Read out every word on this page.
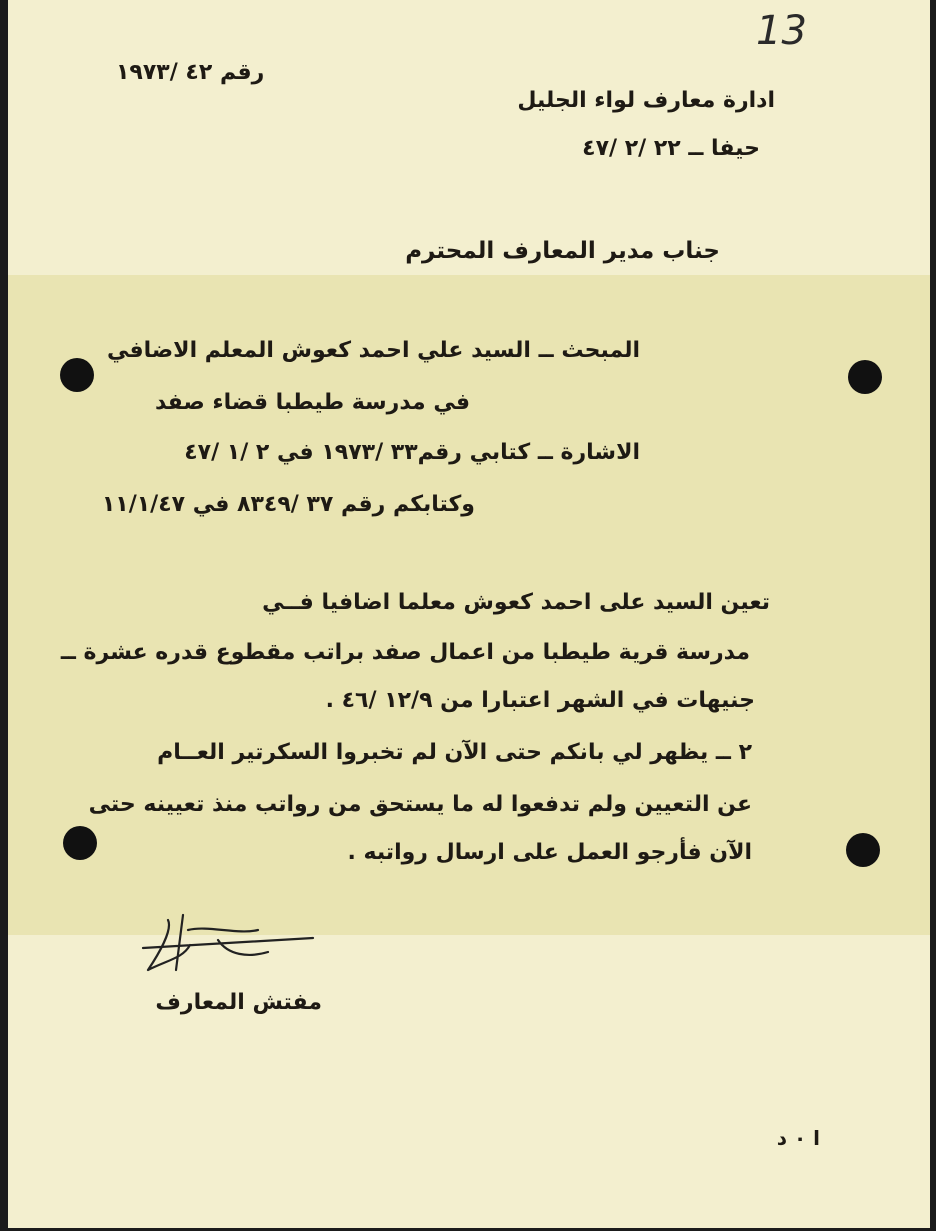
13
رقم ٤٢ /١٩٧٣
ادارة معارف لواء الجليل
حيفا ــ ٢٢ /٢ /٤٧
جناب مدير المعارف المحترم
المبحث ــ السيد علي احمد كعوش المعلم الاضافي
في مدرسة طيطبا قضاء صفد
الاشارة ــ كتابي رقم٣٣ /١٩٧٣ في ٢ /١ /٤٧
وكتابكم رقم ٣٧ /٨٣٤٩ في ١١/١/٤٧
تعين السيد على احمد كعوش معلما اضافيا فــي
مدرسة قرية طيطبا من اعمال صفد براتب مقطوع قدره عشرة ــ
جنيهات في الشهر اعتبارا من ١٢/٩ /٤٦ .
٢ ــ يظهر لي بانكم حتى الآن لم تخبروا السكرتير العــام
عن التعيين ولم تدفعوا له ما يستحق من رواتب منذ تعيينه حتى
الآن فأرجو العمل على ارسال رواتبه .
مفتش المعارف
ا ٠ د
